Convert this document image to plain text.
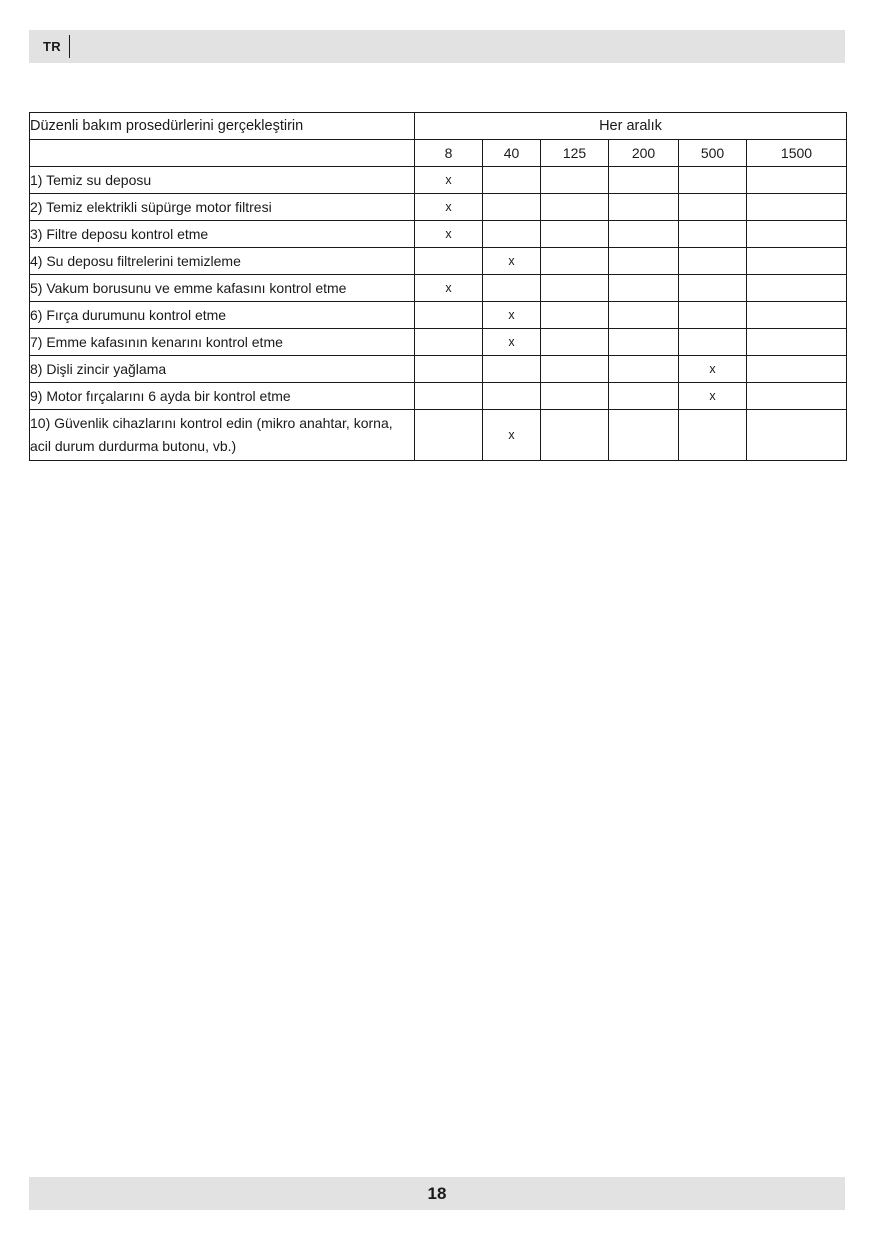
TR
Düzenli bakım prosedürlerini gerçekleştirin	Her aralık					
	8	40	125	200	500	1500
1) Temiz su deposu	x					
2) Temiz elektrikli süpürge motor filtresi	x					
3) Filtre deposu kontrol etme	x					
4) Su deposu filtrelerini temizleme		x				
5) Vakum borusunu ve emme kafasını kontrol etme	x					
6) Fırça durumunu kontrol etme		x				
7) Emme kafasının kenarını kontrol etme		x				
8) Dişli zincir yağlama					x	
9) Motor fırçalarını 6 ayda bir kontrol etme					x	
10) Güvenlik cihazlarını kontrol edin (mikro anahtar, korna, acil durum durdurma butonu, vb.)		x				
18
